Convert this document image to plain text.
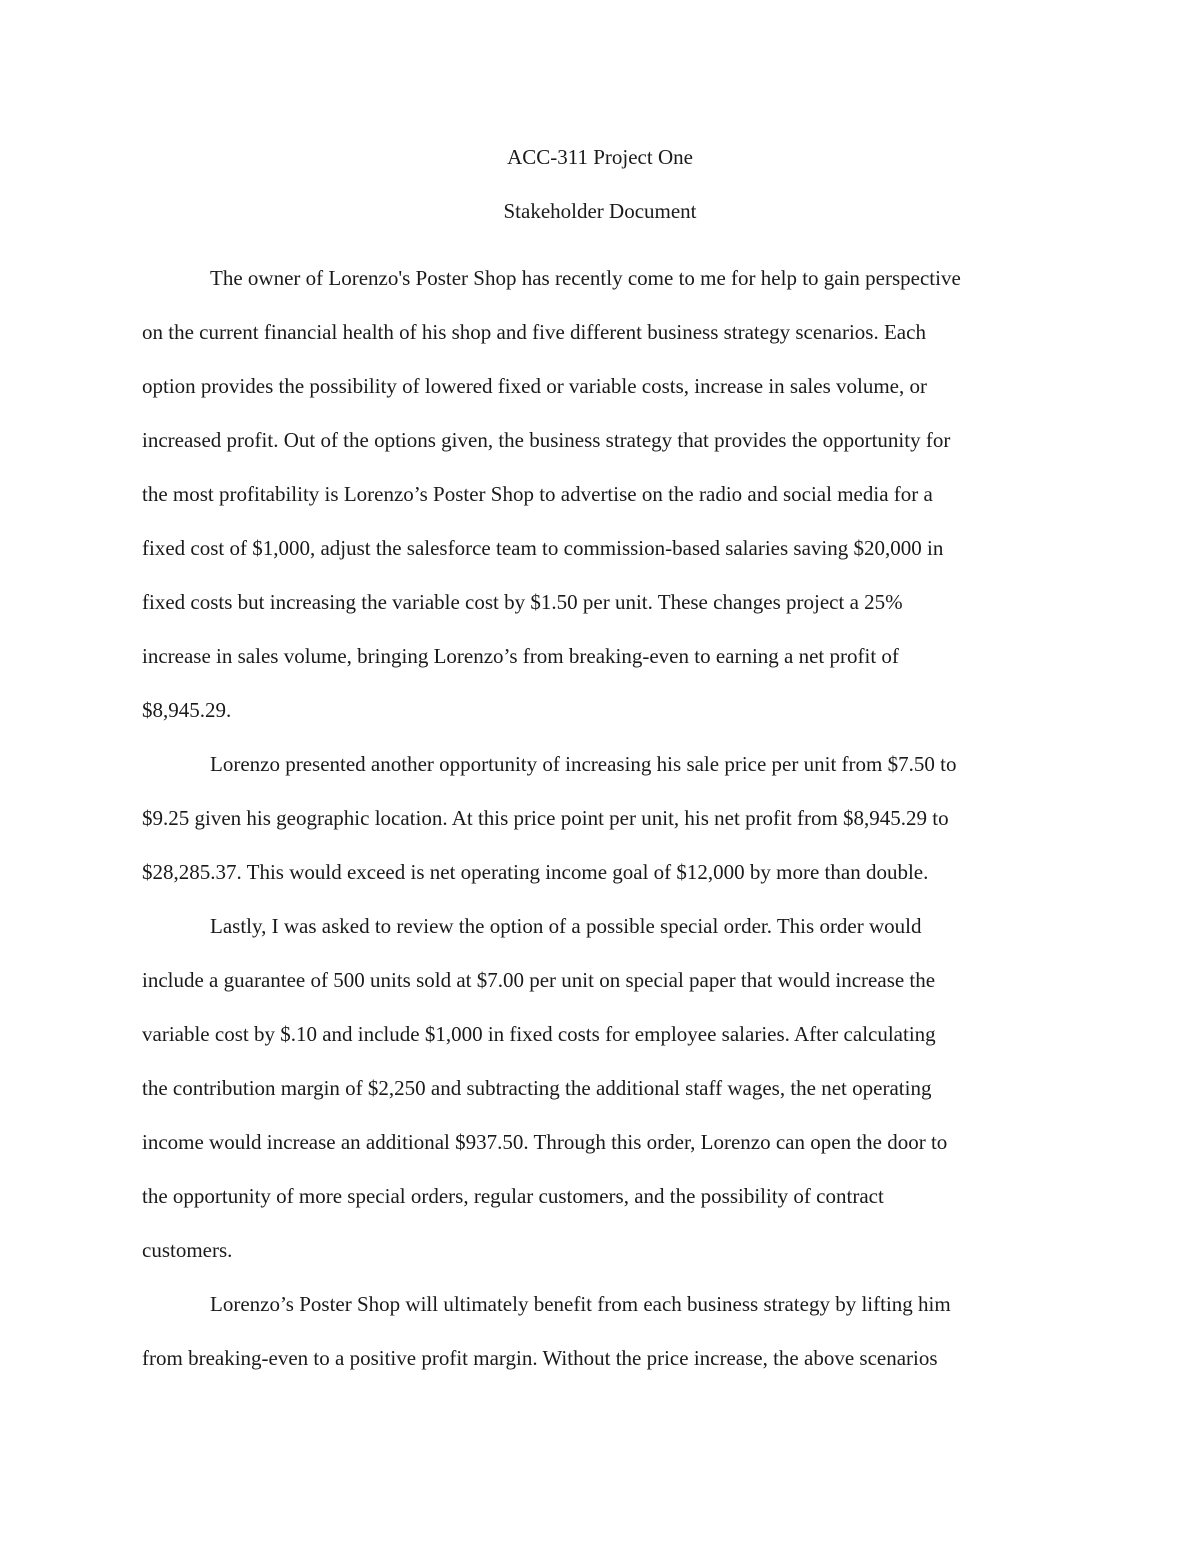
ACC-311 Project One
Stakeholder Document
The owner of Lorenzo's Poster Shop has recently come to me for help to gain perspective
on the current financial health of his shop and five different business strategy scenarios. Each
option provides the possibility of lowered fixed or variable costs, increase in sales volume, or
increased profit. Out of the options given, the business strategy that provides the opportunity for
the most profitability is Lorenzo’s Poster Shop to advertise on the radio and social media for a
fixed cost of $1,000, adjust the salesforce team to commission-based salaries saving $20,000 in
fixed costs but increasing the variable cost by $1.50 per unit. These changes project a 25%
increase in sales volume, bringing Lorenzo’s from breaking-even to earning a net profit of
$8,945.29.
Lorenzo presented another opportunity of increasing his sale price per unit from $7.50 to
$9.25 given his geographic location. At this price point per unit, his net profit from $8,945.29 to
$28,285.37. This would exceed is net operating income goal of $12,000 by more than double.
Lastly, I was asked to review the option of a possible special order. This order would
include a guarantee of 500 units sold at $7.00 per unit on special paper that would increase the
variable cost by $.10 and include $1,000 in fixed costs for employee salaries. After calculating
the contribution margin of $2,250 and subtracting the additional staff wages, the net operating
income would increase an additional $937.50. Through this order, Lorenzo can open the door to
the opportunity of more special orders, regular customers, and the possibility of contract
customers.
Lorenzo’s Poster Shop will ultimately benefit from each business strategy by lifting him
from breaking-even to a positive profit margin. Without the price increase, the above scenarios
